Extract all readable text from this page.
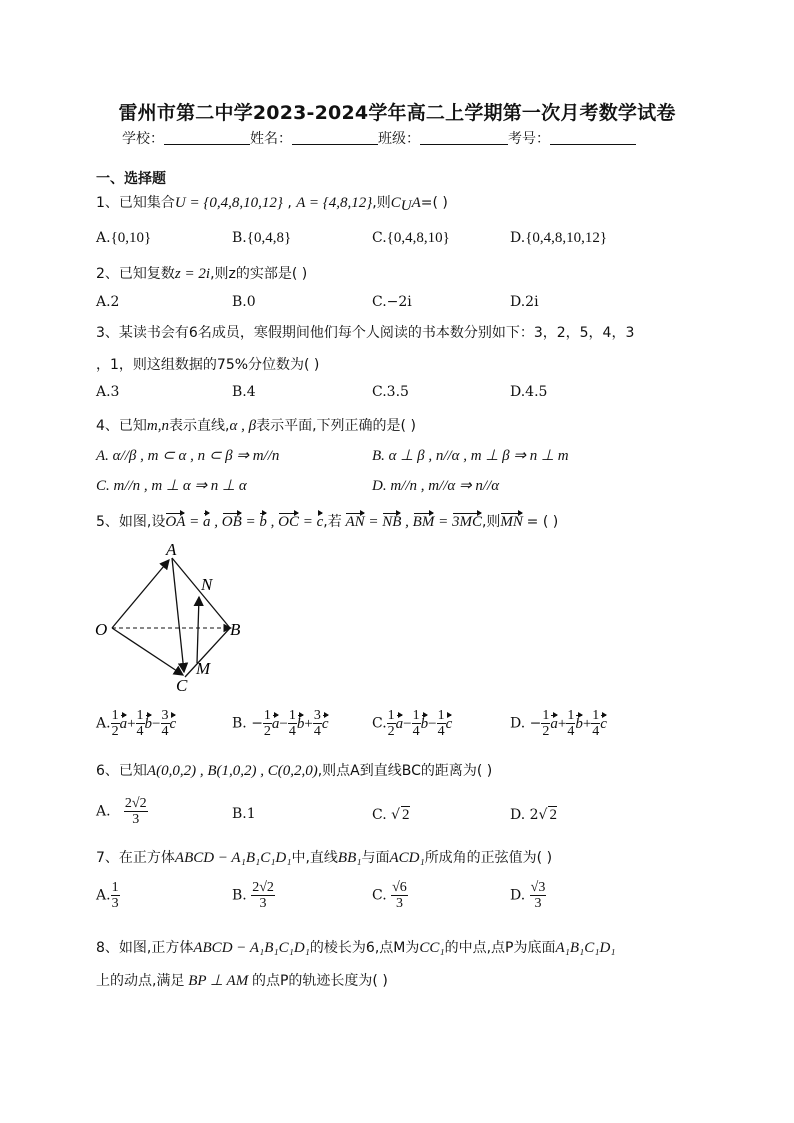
雷州市第二中学2023-2024学年高二上学期第一次月考数学试卷
学校：	姓名：	班级：	考号：
一、选择题
1、已知集合U = {0,4,8,10,12} , A = {4,8,12},则$C_UA=$( )
A.{0,10}	B.{0,4,8}	C.{0,4,8,10}	D.{0,4,8,10,12}
2、已知复数z = 2i,则z的实部是( )
A.2	B.0	C.−2i	D.2i
3、某读书会有6名成员，寒假期间他们每个人阅读的书本数分别如下：3，2，5，4，3
，1，则这组数据的75%分位数为( )
A.3	B.4	C.3.5	D.4.5
4、已知m,n表示直线,α , β表示平面,下列正确的是( )
A. α//β , m ⊂ α , n ⊂ β ⇒ m//n	B. α ⊥ β , n//α , m ⊥ β ⇒ n ⊥ m
C. m//n , m ⊥ α ⇒ n ⊥ α	D. m//n , m//α ⇒ n//α
5、如图,设OA = a , OB = b , OC = c,若 AN = NB , BM = 3MC,则MN = ( )
A
N
O	B
M
C
A. $\frac{1}{2} a+ \frac{1}{4} b- \frac{3}{4}$ c	B. − $\frac{1}{2} a- \frac{1}{4} b+ \frac{3}{4}$ c	C. $\frac{1}{2} a- \frac{1}{4} b- \frac{1}{4}$ c	D. − $\frac{1}{2} a+ \frac{1}{4} b+ \frac{1}{4}$ c
6、已知A(0,0,2) , B(1,0,2) , C(0,2,0),则点A到直线BC的距离为( )
A. $\frac{2√2}{3}$	B.1	C. √ 2	D. 2√ 2
7、在正方体ABCD − A₁B₁C₁D₁中,直线BB₁与面ACD₁所成角的正弦值为( )
A. $\frac{1}{3}$	B. $\frac{2√2}{3}$	C. $\frac{√6}{3}$	D. $\frac{√3}{3}$
8、如图,正方体ABCD − A₁B₁C₁D₁的棱长为6,点M为CC₁的中点,点P为底面A₁B₁C₁D₁
上的动点,满足 BP ⊥ AM 的点P的轨迹长度为( )
